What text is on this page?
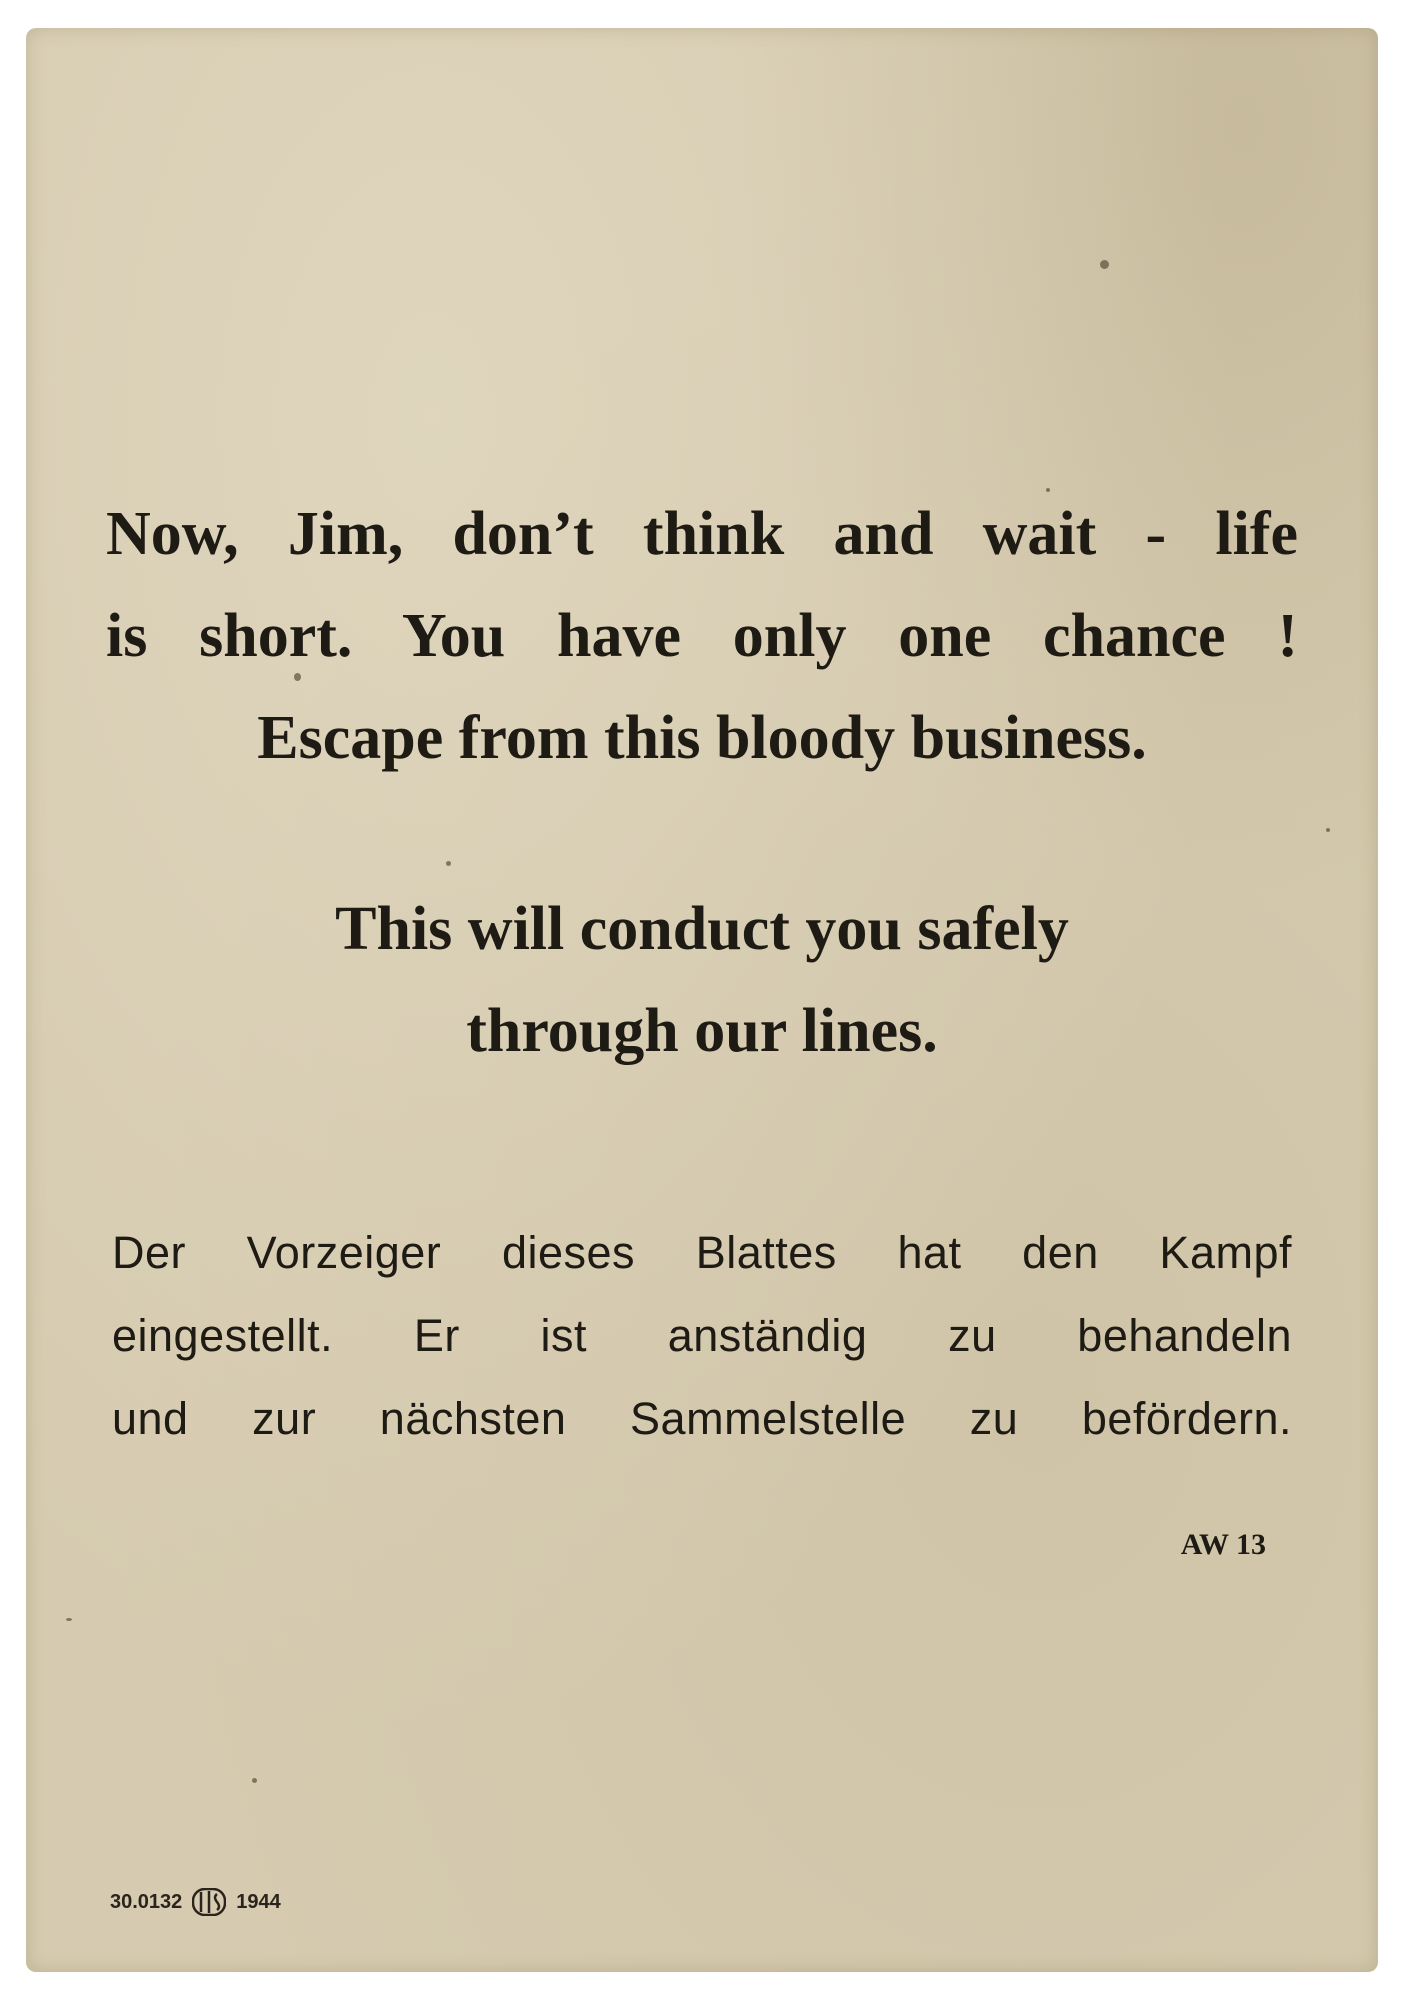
Now, Jim, don’t think and wait - life
is short. You have only one chance !
Escape from this bloody business.
This will conduct you safely
through our lines.
Der Vorzeiger dieses Blattes hat den Kampf
eingestellt. Er ist anständig zu behandeln
und zur nächsten Sammelstelle zu befördern.

AW 13

30.0132	1944
